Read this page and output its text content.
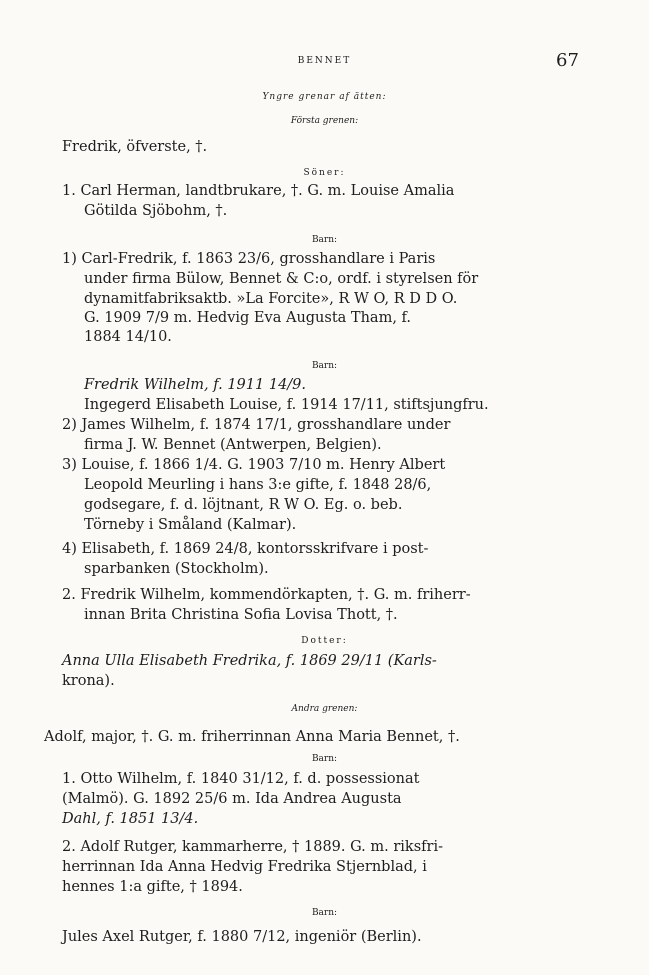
BENNET	67
Yngre grenar af ätten:
Första grenen:
Fredrik, öfverste, †.
Söner:
1. Carl Herman, landtbrukare, †. G. m. Louise Amalia
Götilda Sjöbohm, †.
Barn:
1) Carl-Fredrik, f. 1863 23/6, grosshandlare i Paris
under firma Bülow, Bennet & C:o, ordf. i styrelsen för
dynamitfabriksaktb. »La Forcite», R W O, R D D O.
G. 1909 7/9 m. Hedvig Eva Augusta Tham, f.
1884 14/10.
Barn:
Fredrik Wilhelm, f. 1911 14/9.
Ingegerd Elisabeth Louise, f. 1914 17/11, stiftsjungfru.
2) James Wilhelm, f. 1874 17/1, grosshandlare under
firma J. W. Bennet (Antwerpen, Belgien).
3) Louise, f. 1866 1/4. G. 1903 7/10 m. Henry Albert
Leopold Meurling i hans 3:e gifte, f. 1848 28/6,
godsegare, f. d. löjtnant, R W O. Eg. o. beb.
Törneby i Småland (Kalmar).
4) Elisabeth, f. 1869 24/8, kontorsskrifvare i post-
sparbanken (Stockholm).
2. Fredrik Wilhelm, kommendörkapten, †. G. m. friherr-
innan Brita Christina Sofia Lovisa Thott, †.
Dotter:
Anna Ulla Elisabeth Fredrika, f. 1869 29/11 (Karls-
krona).
Andra grenen:
Adolf, major, †. G. m. friherrinnan Anna Maria Bennet, †.
Barn:
1. Otto Wilhelm, f. 1840 31/12, f. d. possessionat
(Malmö). G. 1892 25/6 m. Ida Andrea Augusta
Dahl, f. 1851 13/4.
2. Adolf Rutger, kammarherre, † 1889. G. m. riksfri-
herrinnan Ida Anna Hedvig Fredrika Stjernblad, i
hennes 1:a gifte, † 1894.
Barn:
Jules Axel Rutger, f. 1880 7/12, ingeniör (Berlin).
